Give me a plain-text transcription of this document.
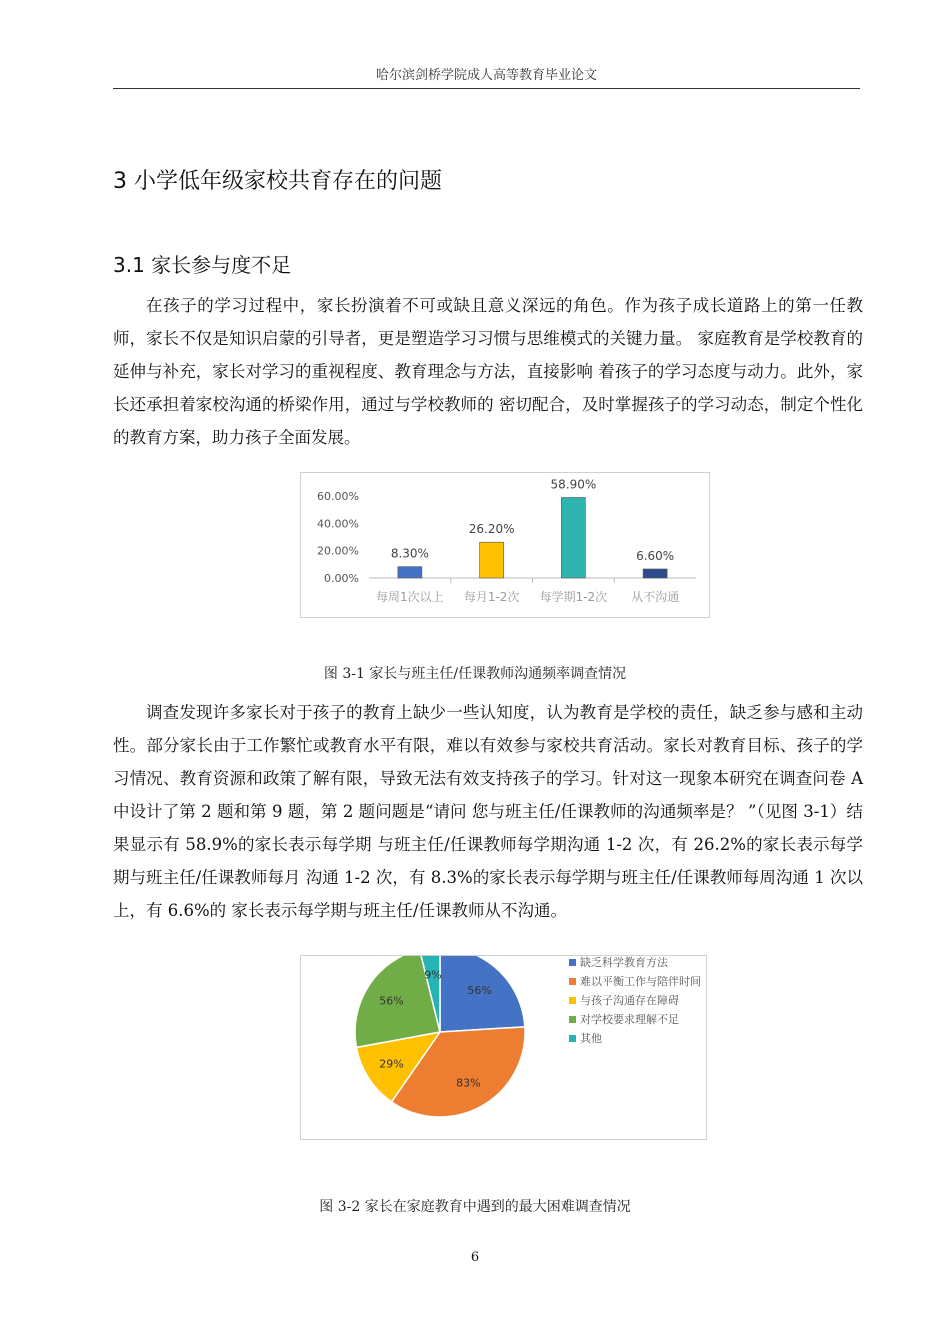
哈尔滨剑桥学院成人高等教育毕业论文
3 小学低年级家校共育存在的问题
3.1 家长参与度不足

在孩子的学习过程中，家长扮演着不可或缺且意义深远的角色。作为孩子成长道路上的第一任教师，家长不仅是知识启蒙的引导者，更是塑造学习习惯与思维模式的关键力量。 家庭教育是学校教育的延伸与补充，家长对学习的重视程度、教育理念与方法，直接影响 着孩子的学习态度与动力。此外，家长还承担着家校沟通的桥梁作用，通过与学校教师的 密切配合，及时掌握孩子的学习动态，制定个性化的教育方案，助力孩子全面发展。

0.00%
20.00%
40.00%
60.00%
8.30%
每周1次以上
26.20%
每月1-2次
58.90%
每学期1-2次
6.60%
从不沟通
图 3-1 家长与班主任/任课教师沟通频率调查情况

调查发现许多家长对于孩子的教育上缺少一些认知度，认为教育是学校的责任，缺乏参与感和主动性。部分家长由于工作繁忙或教育水平有限，难以有效参与家校共育活动。家长对教育目标、孩子的学习情况、教育资源和政策了解有限，导致无法有效支持孩子的学习。针对这一现象本研究在调查问卷 A 中设计了第 2 题和第 9 题，第 2 题问题是“请问 您与班主任/任课教师的沟通频率是？ ”（见图 3-1）结果显示有 58.9%的家长表示每学期 与班主任/任课教师每学期沟通 1-2 次，有 26.2%的家长表示每学期与班主任/任课教师每月 沟通 1-2 次，有 8.3%的家长表示每学期与班主任/任课教师每周沟通 1 次以上，有 6.6%的 家长表示每学期与班主任/任课教师从不沟通。

56%
83%
29%
56%
9%
缺乏科学教育方法
难以平衡工作与陪伴时间
与孩子沟通存在障碍
对学校要求理解不足
其他
图 3-2 家长在家庭教育中遇到的最大困难调查情况
6
